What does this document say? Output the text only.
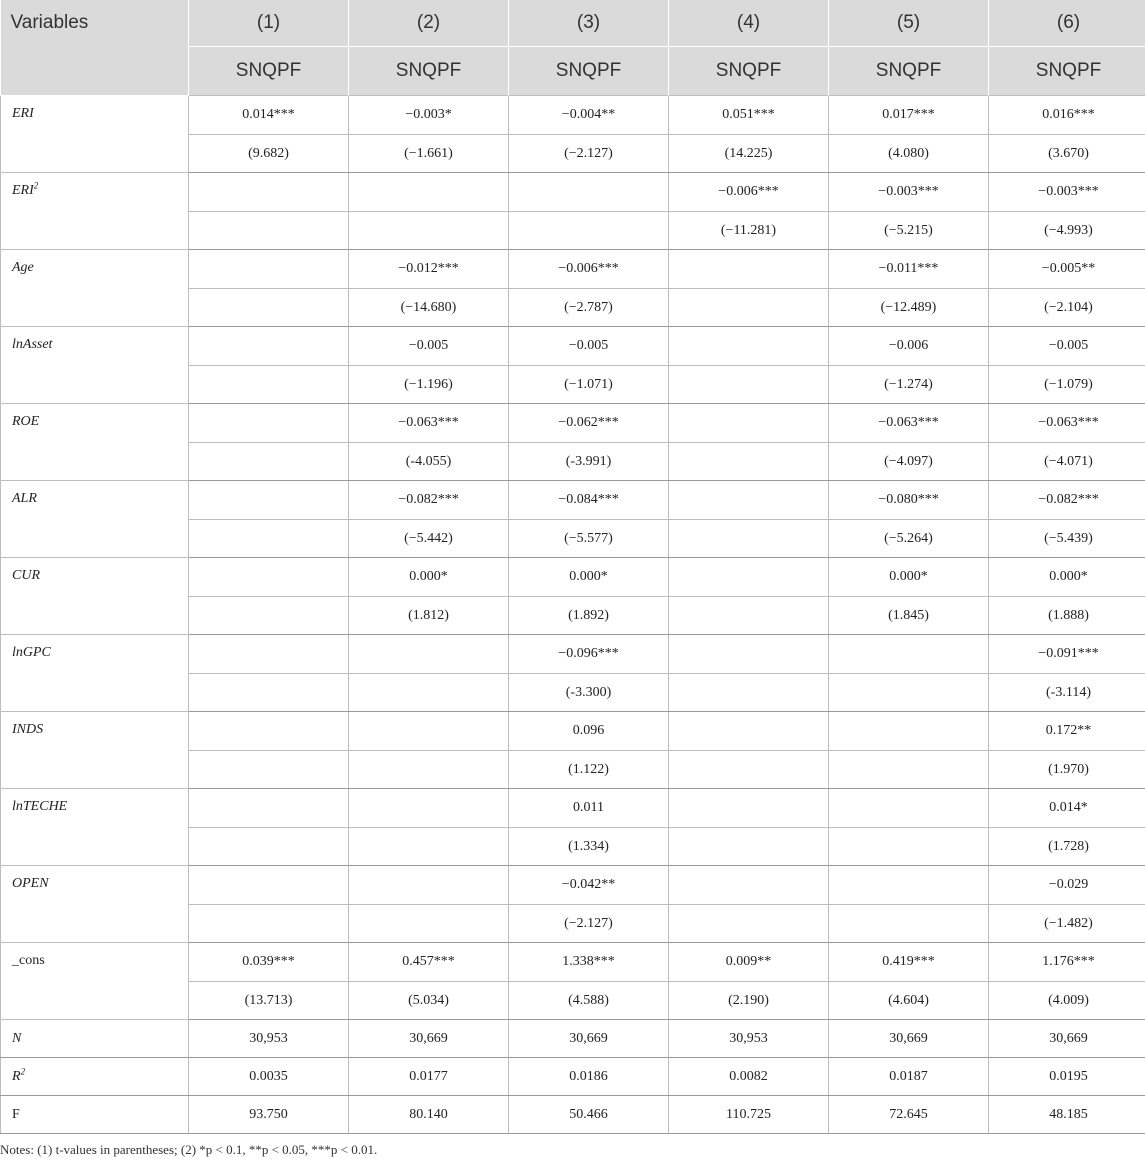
Variables	(1)	(2)	(3)	(4)	(5)	(6)
	SNQPF	SNQPF	SNQPF	SNQPF	SNQPF	SNQPF
ERI	0.014***	−0.003*	−0.004**	0.051***	0.017***	0.016***
	(9.682)	(−1.661)	(−2.127)	(14.225)	(4.080)	(3.670)
ERI$^2$				−0.006***	−0.003***	−0.003***
				(−11.281)	(−5.215)	(−4.993)
Age		−0.012***	−0.006***		−0.011***	−0.005**
		(−14.680)	(−2.787)		(−12.489)	(−2.104)
lnAsset		−0.005	−0.005		−0.006	−0.005
		(−1.196)	(−1.071)		(−1.274)	(−1.079)
ROE		−0.063***	−0.062***		−0.063***	−0.063***
		(-4.055)	(-3.991)		(−4.097)	(−4.071)
ALR		−0.082***	−0.084***		−0.080***	−0.082***
		(−5.442)	(−5.577)		(−5.264)	(−5.439)
CUR		0.000*	0.000*		0.000*	0.000*
		(1.812)	(1.892)		(1.845)	(1.888)
lnGPC			−0.096***			−0.091***
			(-3.300)			(-3.114)
INDS			0.096			0.172**
			(1.122)			(1.970)
lnTECHE			0.011			0.014*
			(1.334)			(1.728)
OPEN			−0.042**			−0.029
			(−2.127)			(−1.482)
_cons	0.039***	0.457***	1.338***	0.009**	0.419***	1.176***
	(13.713)	(5.034)	(4.588)	(2.190)	(4.604)	(4.009)
N	30,953	30,669	30,669	30,953	30,669	30,669
$R^2$	0.0035	0.0177	0.0186	0.0082	0.0187	0.0195
F	93.750	80.140	50.466	110.725	72.645	48.185
Notes: (1) t-values in parentheses; (2) *p < 0.1, **p < 0.05, ***p < 0.01.
